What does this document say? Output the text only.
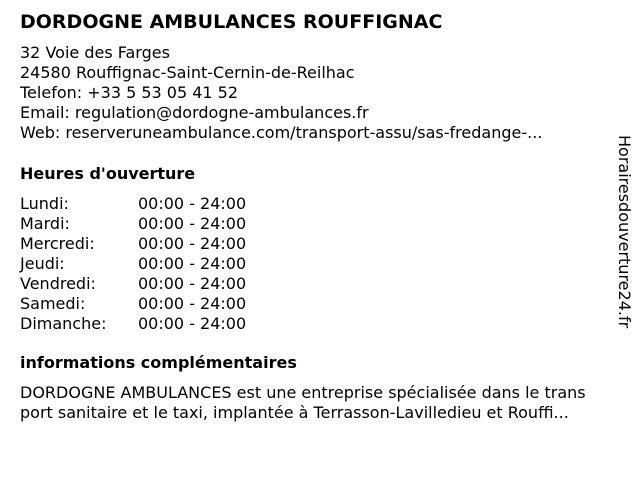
DORDOGNE AMBULANCES ROUFFIGNAC
32 Voie des Farges
24580 Rouffignac-Saint-Cernin-de-Reilhac
Telefon: +33 5 53 05 41 52
Email: regulation@dordogne-ambulances.fr
Web: reserveruneambulance.com/transport-assu/sas-fredange-...
Heures d'ouverture
Lundi:	00:00 - 24:00
Mardi:	00:00 - 24:00
Mercredi:	00:00 - 24:00
Jeudi:	00:00 - 24:00
Vendredi:	00:00 - 24:00
Samedi:	00:00 - 24:00
Dimanche:	00:00 - 24:00
informations complémentaires
DORDOGNE AMBULANCES est une entreprise spécialisée dans le trans
port sanitaire et le taxi, implantée à Terrasson-Lavilledieu et Rouffi...
Horairesdouverture24.fr
